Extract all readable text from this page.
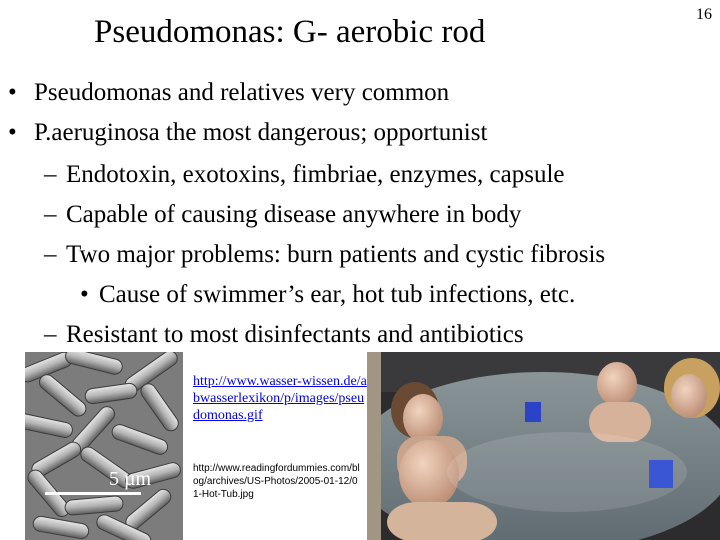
16
Pseudomonas: G- aerobic rod
• Pseudomonas and relatives very common
• P.aeruginosa the most dangerous; opportunist
– Endotoxin, exotoxins, fimbriae, enzymes, capsule
– Capable of causing disease anywhere in body
– Two major problems: burn patients and cystic fibrosis
• Cause of swimmer’s ear, hot tub infections, etc.
– Resistant to most disinfectants and antibiotics
5 µm
http://www.wasser-wissen.de/abwasserlexikon/p/images/pseudomonas.gif
http://www.readingfordummies.com/blog/archives/US-Photos/2005-01-12/01-Hot-Tub.jpg
